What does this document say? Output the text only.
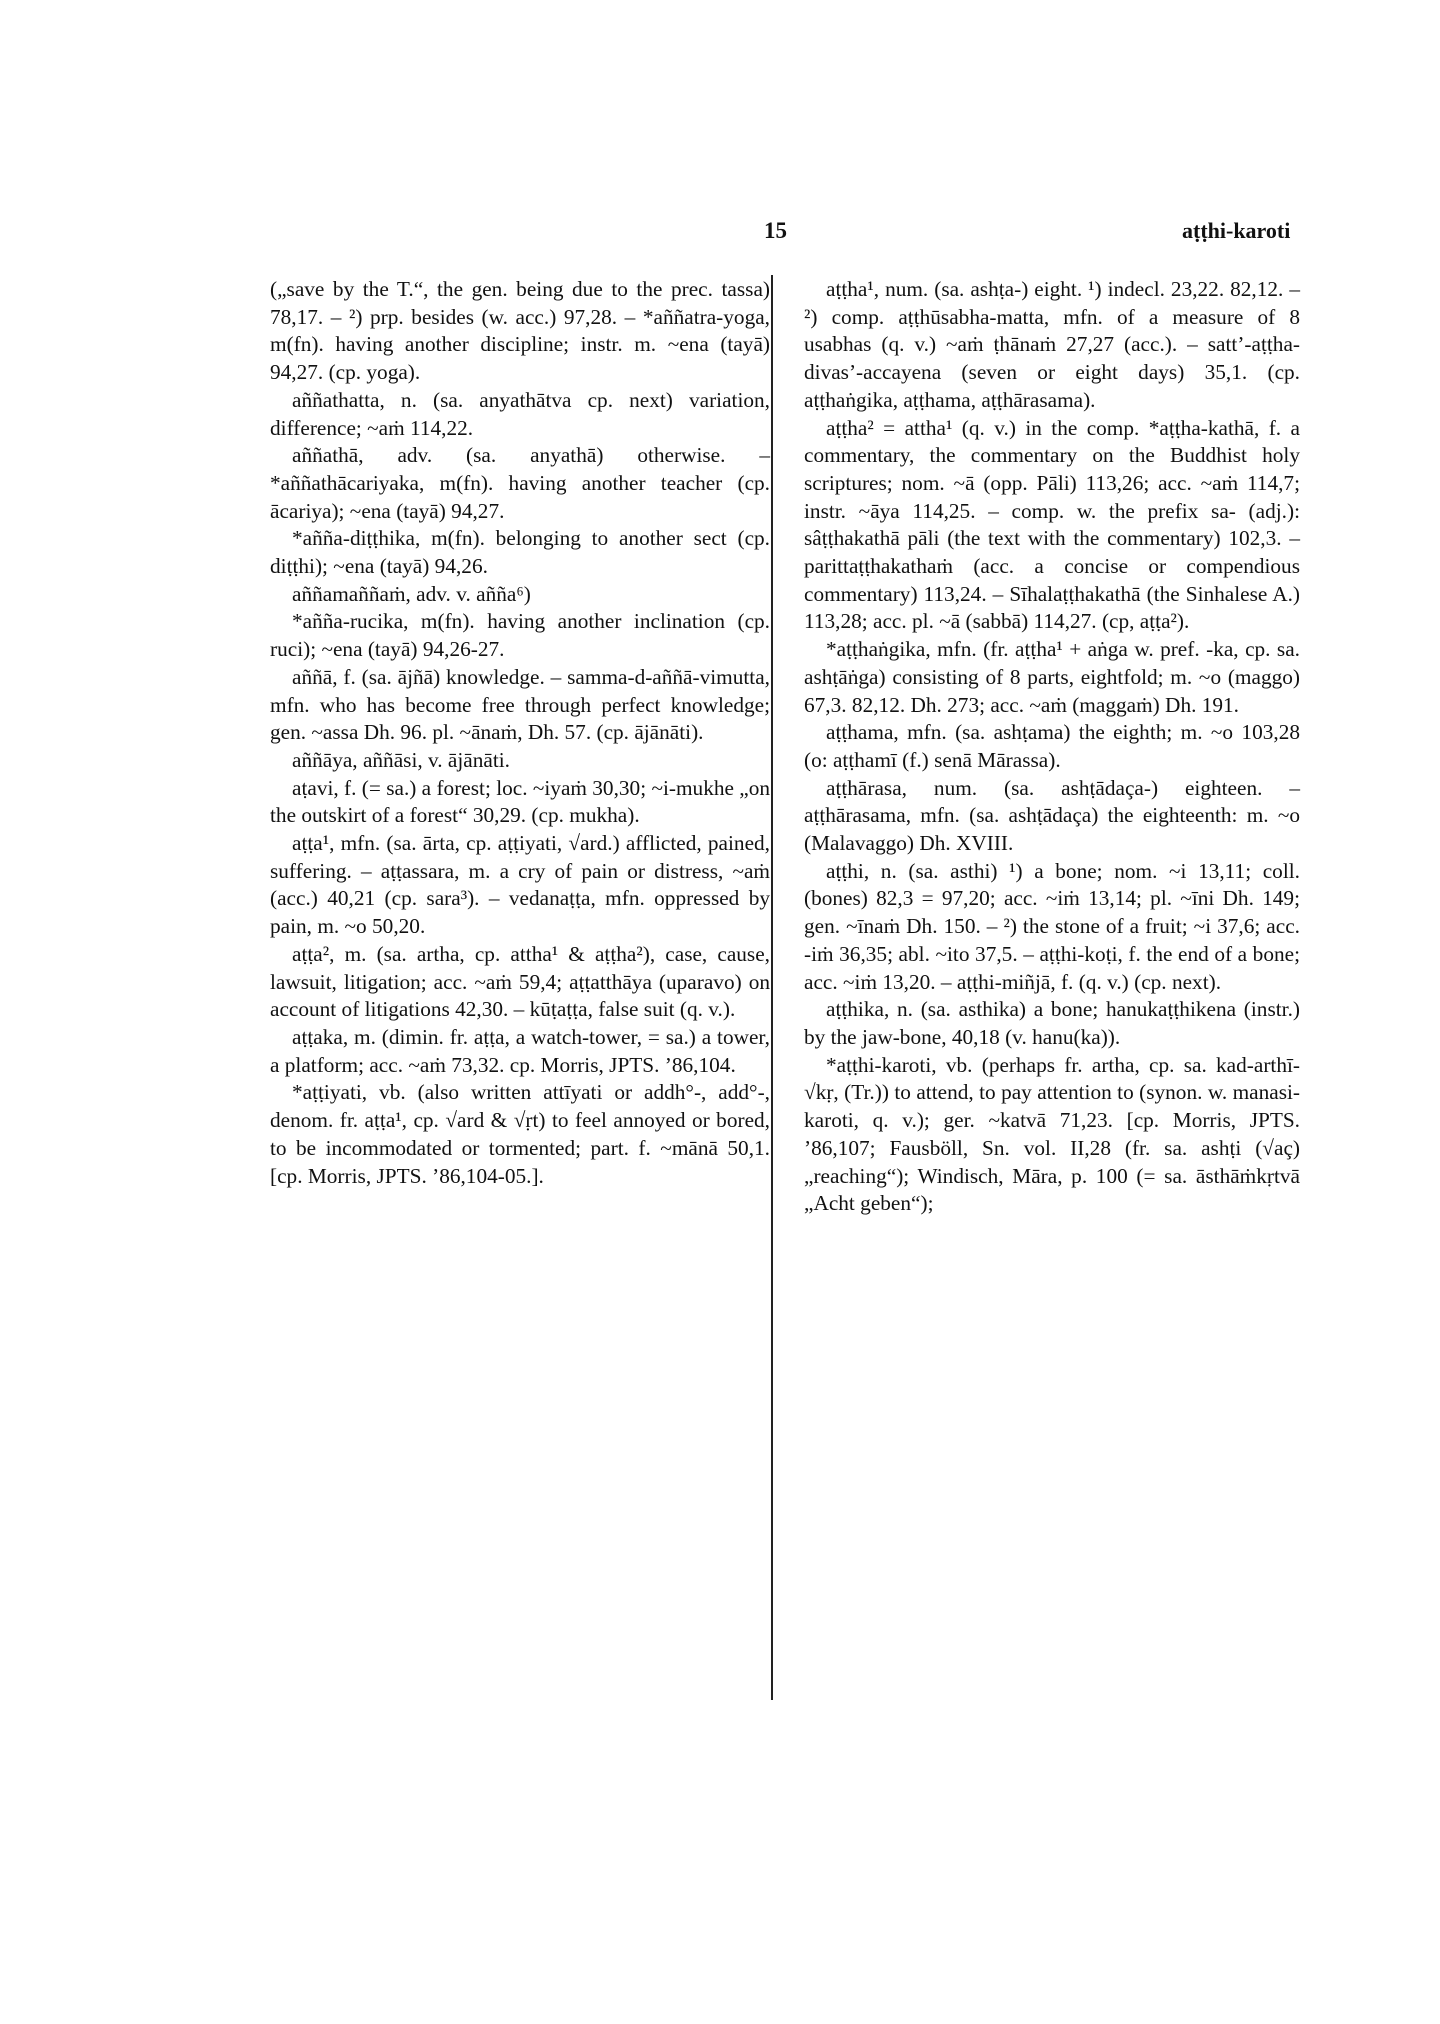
15	aṭṭhi-karoti
(„save by the T.“, the gen. being due to the prec. tassa) 78,17. – ²) prp. besides (w. acc.) 97,28. – *aññatra-yoga, m(fn). having another discipline; instr. m. ~ena (tayā) 94,27. (cp. yoga).
aññathatta, n. (sa. anyathātva cp. next) variation, difference; ~aṁ 114,22.
aññathā, adv. (sa. anyathā) otherwise. – *aññathācariyaka, m(fn). having another teacher (cp. ācariya); ~ena (tayā) 94,27.
*añña-diṭṭhika, m(fn). belonging to another sect (cp. diṭṭhi); ~ena (tayā) 94,26.
aññamaññaṁ, adv. v. añña⁶)
*añña-rucika, m(fn). having another inclination (cp. ruci); ~ena (tayā) 94,26-27.
aññā, f. (sa. ājñā) knowledge. – samma-d-aññā-vimutta, mfn. who has become free through perfect knowledge; gen. ~assa Dh. 96. pl. ~ānaṁ, Dh. 57. (cp. ājānāti).
aññāya, aññāsi, v. ājānāti.
aṭavi, f. (= sa.) a forest; loc. ~iyaṁ 30,30; ~i-mukhe „on the outskirt of a forest“ 30,29. (cp. mukha).
aṭṭa¹, mfn. (sa. ārta, cp. aṭṭiyati, √ard.) afflicted, pained, suffering. – aṭṭassara, m. a cry of pain or distress, ~aṁ (acc.) 40,21 (cp. sara³). – vedanaṭṭa, mfn. oppressed by pain, m. ~o 50,20.
aṭṭa², m. (sa. artha, cp. attha¹ & aṭṭha²), case, cause, lawsuit, litigation; acc. ~aṁ 59,4; aṭṭatthāya (uparavo) on account of litigations 42,30. – kūṭaṭṭa, false suit (q. v.).
aṭṭaka, m. (dimin. fr. aṭṭa, a watch-tower, = sa.) a tower, a platform; acc. ~aṁ 73,32. cp. Morris, JPTS. ’86,104.
*aṭṭiyati, vb. (also written attīyati or addh°-, add°-, denom. fr. aṭṭa¹, cp. √ard & √ṛt) to feel annoyed or bored, to be incommodated or tormented; part. f. ~mānā 50,1. [cp. Morris, JPTS. ’86,104-05.].
aṭṭha¹, num. (sa. ashṭa-) eight. ¹) indecl. 23,22. 82,12. – ²) comp. aṭṭhūsabha-matta, mfn. of a measure of 8 usabhas (q. v.) ~aṁ ṭhānaṁ 27,27 (acc.). – satt’-aṭṭha-divas’-accayena (seven or eight days) 35,1. (cp. aṭṭhaṅgika, aṭṭhama, aṭṭhārasama).
aṭṭha² = attha¹ (q. v.) in the comp. *aṭṭha-kathā, f. a commentary, the commentary on the Buddhist holy scriptures; nom. ~ā (opp. Pāli) 113,26; acc. ~aṁ 114,7; instr. ~āya 114,25. – comp. w. the prefix sa- (adj.): sâṭṭhakathā pāli (the text with the commentary) 102,3. – parittaṭṭhakathaṁ (acc. a concise or compendious commentary) 113,24. – Sīhalaṭṭhakathā (the Sinhalese A.) 113,28; acc. pl. ~ā (sabbā) 114,27. (cp, aṭṭa²).
*aṭṭhaṅgika, mfn. (fr. aṭṭha¹ + aṅga w. pref. -ka, cp. sa. ashṭāṅga) consisting of 8 parts, eightfold; m. ~o (maggo) 67,3. 82,12. Dh. 273; acc. ~aṁ (maggaṁ) Dh. 191.
aṭṭhama, mfn. (sa. ashṭama) the eighth; m. ~o 103,28 (o: aṭṭhamī (f.) senā Mārassa).
aṭṭhārasa, num. (sa. ashṭādaça-) eighteen. – aṭṭhārasama, mfn. (sa. ashṭādaça) the eighteenth: m. ~o (Malavaggo) Dh. XVIII.
aṭṭhi, n. (sa. asthi) ¹) a bone; nom. ~i 13,11; coll. (bones) 82,3 = 97,20; acc. ~iṁ 13,14; pl. ~īni Dh. 149; gen. ~īnaṁ Dh. 150. – ²) the stone of a fruit; ~i 37,6; acc. -iṁ 36,35; abl. ~ito 37,5. – aṭṭhi-koṭi, f. the end of a bone; acc. ~iṁ 13,20. – aṭṭhi-miñjā, f. (q. v.) (cp. next).
aṭṭhika, n. (sa. asthika) a bone; hanukaṭṭhikena (instr.) by the jaw-bone, 40,18 (v. hanu(ka)).
*aṭṭhi-karoti, vb. (perhaps fr. artha, cp. sa. kad-arthī- √kṛ, (Tr.)) to attend, to pay attention to (synon. w. manasi-karoti, q. v.); ger. ~katvā 71,23. [cp. Morris, JPTS. ’86,107; Fausböll, Sn. vol. II,28 (fr. sa. ashṭi (√aç) „reaching“); Windisch, Māra, p. 100 (= sa. āsthāṁkṛtvā „Acht geben“);
